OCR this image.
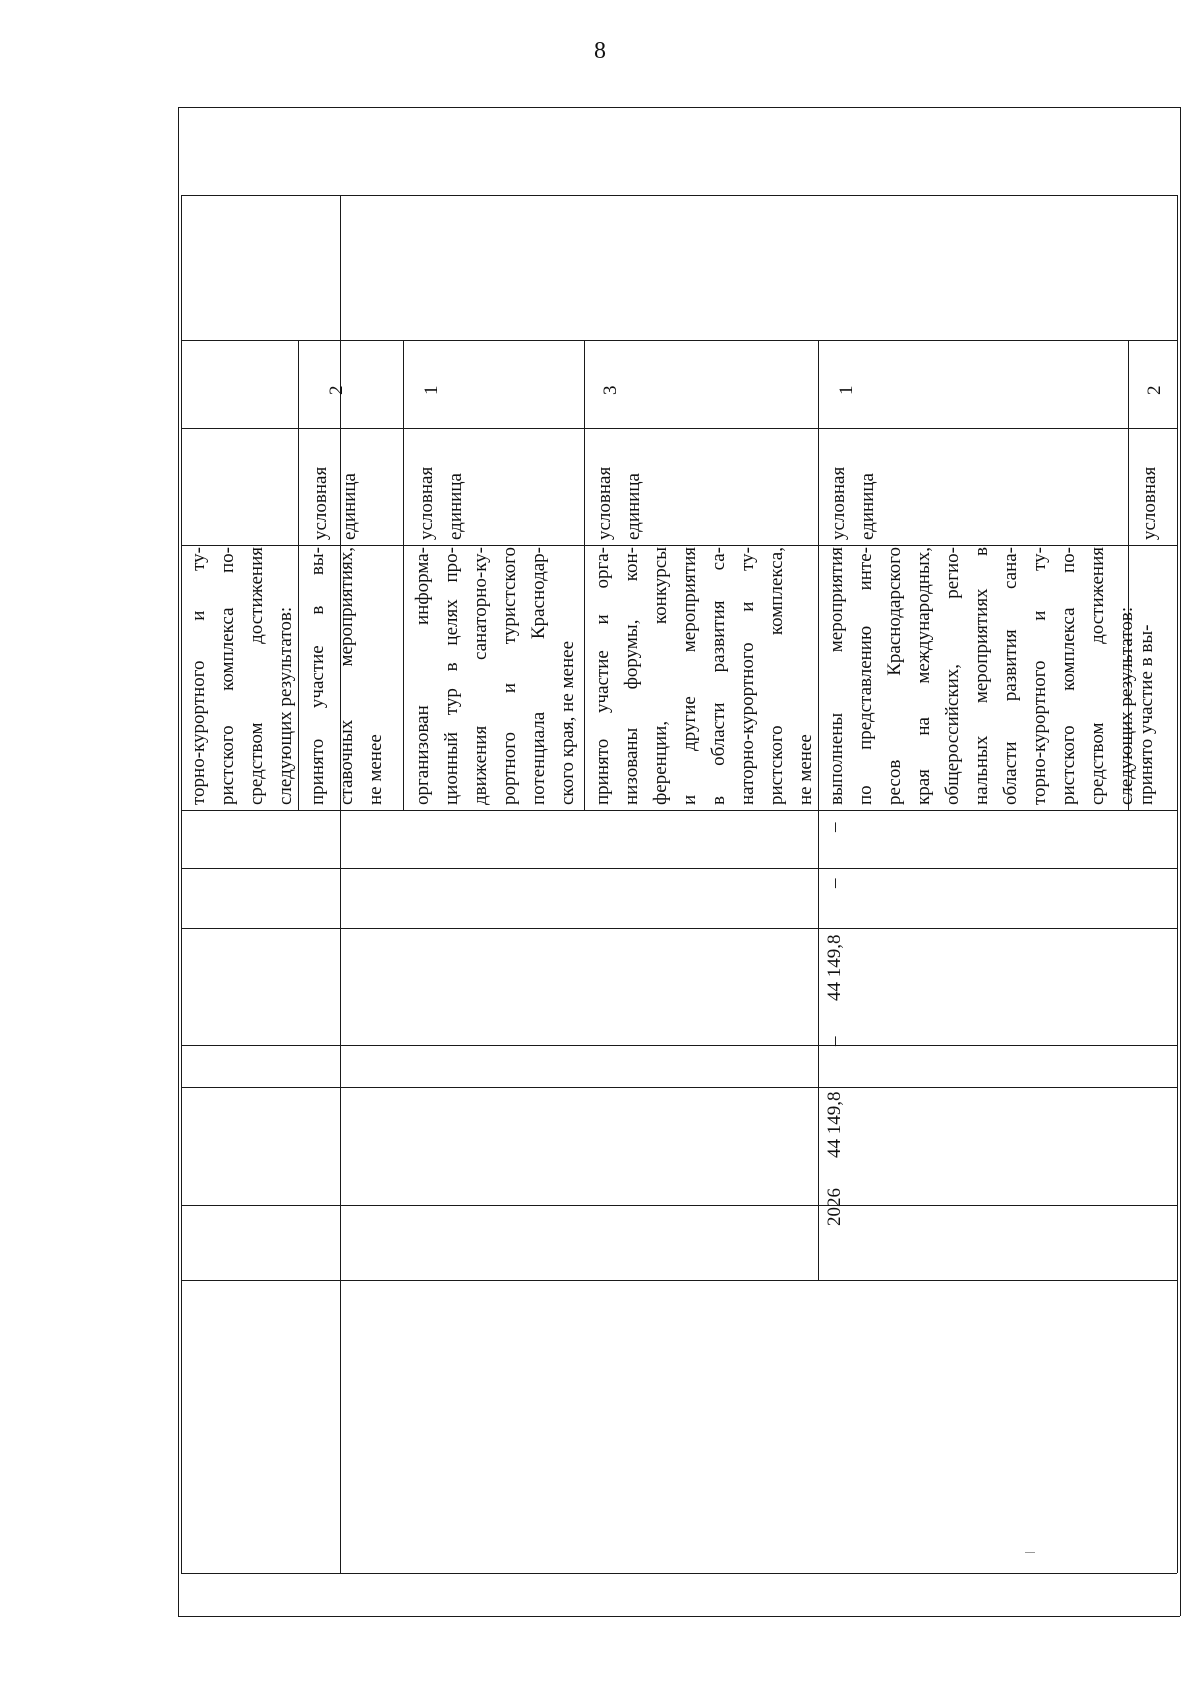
8

торно-курортного и ту- ристского комплекса по- средством достижения следующих результатов: принято участие в вы- ставочных мероприятиях, не менее

условная единица

2

организован информа- ционный тур в целях про- движения санаторно-ку- рортного и туристского потенциала Краснодар- ского края, не менее

условная единица

1

принято участие и орга- низованы форумы, кон- ференции, конкурсы и другие мероприятия в области развития са- наторно-курортного и ту- ристского комплекса, не менее

условная единица

3
2026
44 149,8
–
44 149,8
–
–

выполнены мероприятия по представлению инте- ресов Краснодарского края на международных, общероссийских, регио- нальных мероприятиях в области развития сана- торно-курортного и ту- ристского комплекса по- средством достижения следующих результатов:

условная единица

1

принято участие в вы-

условная

2
